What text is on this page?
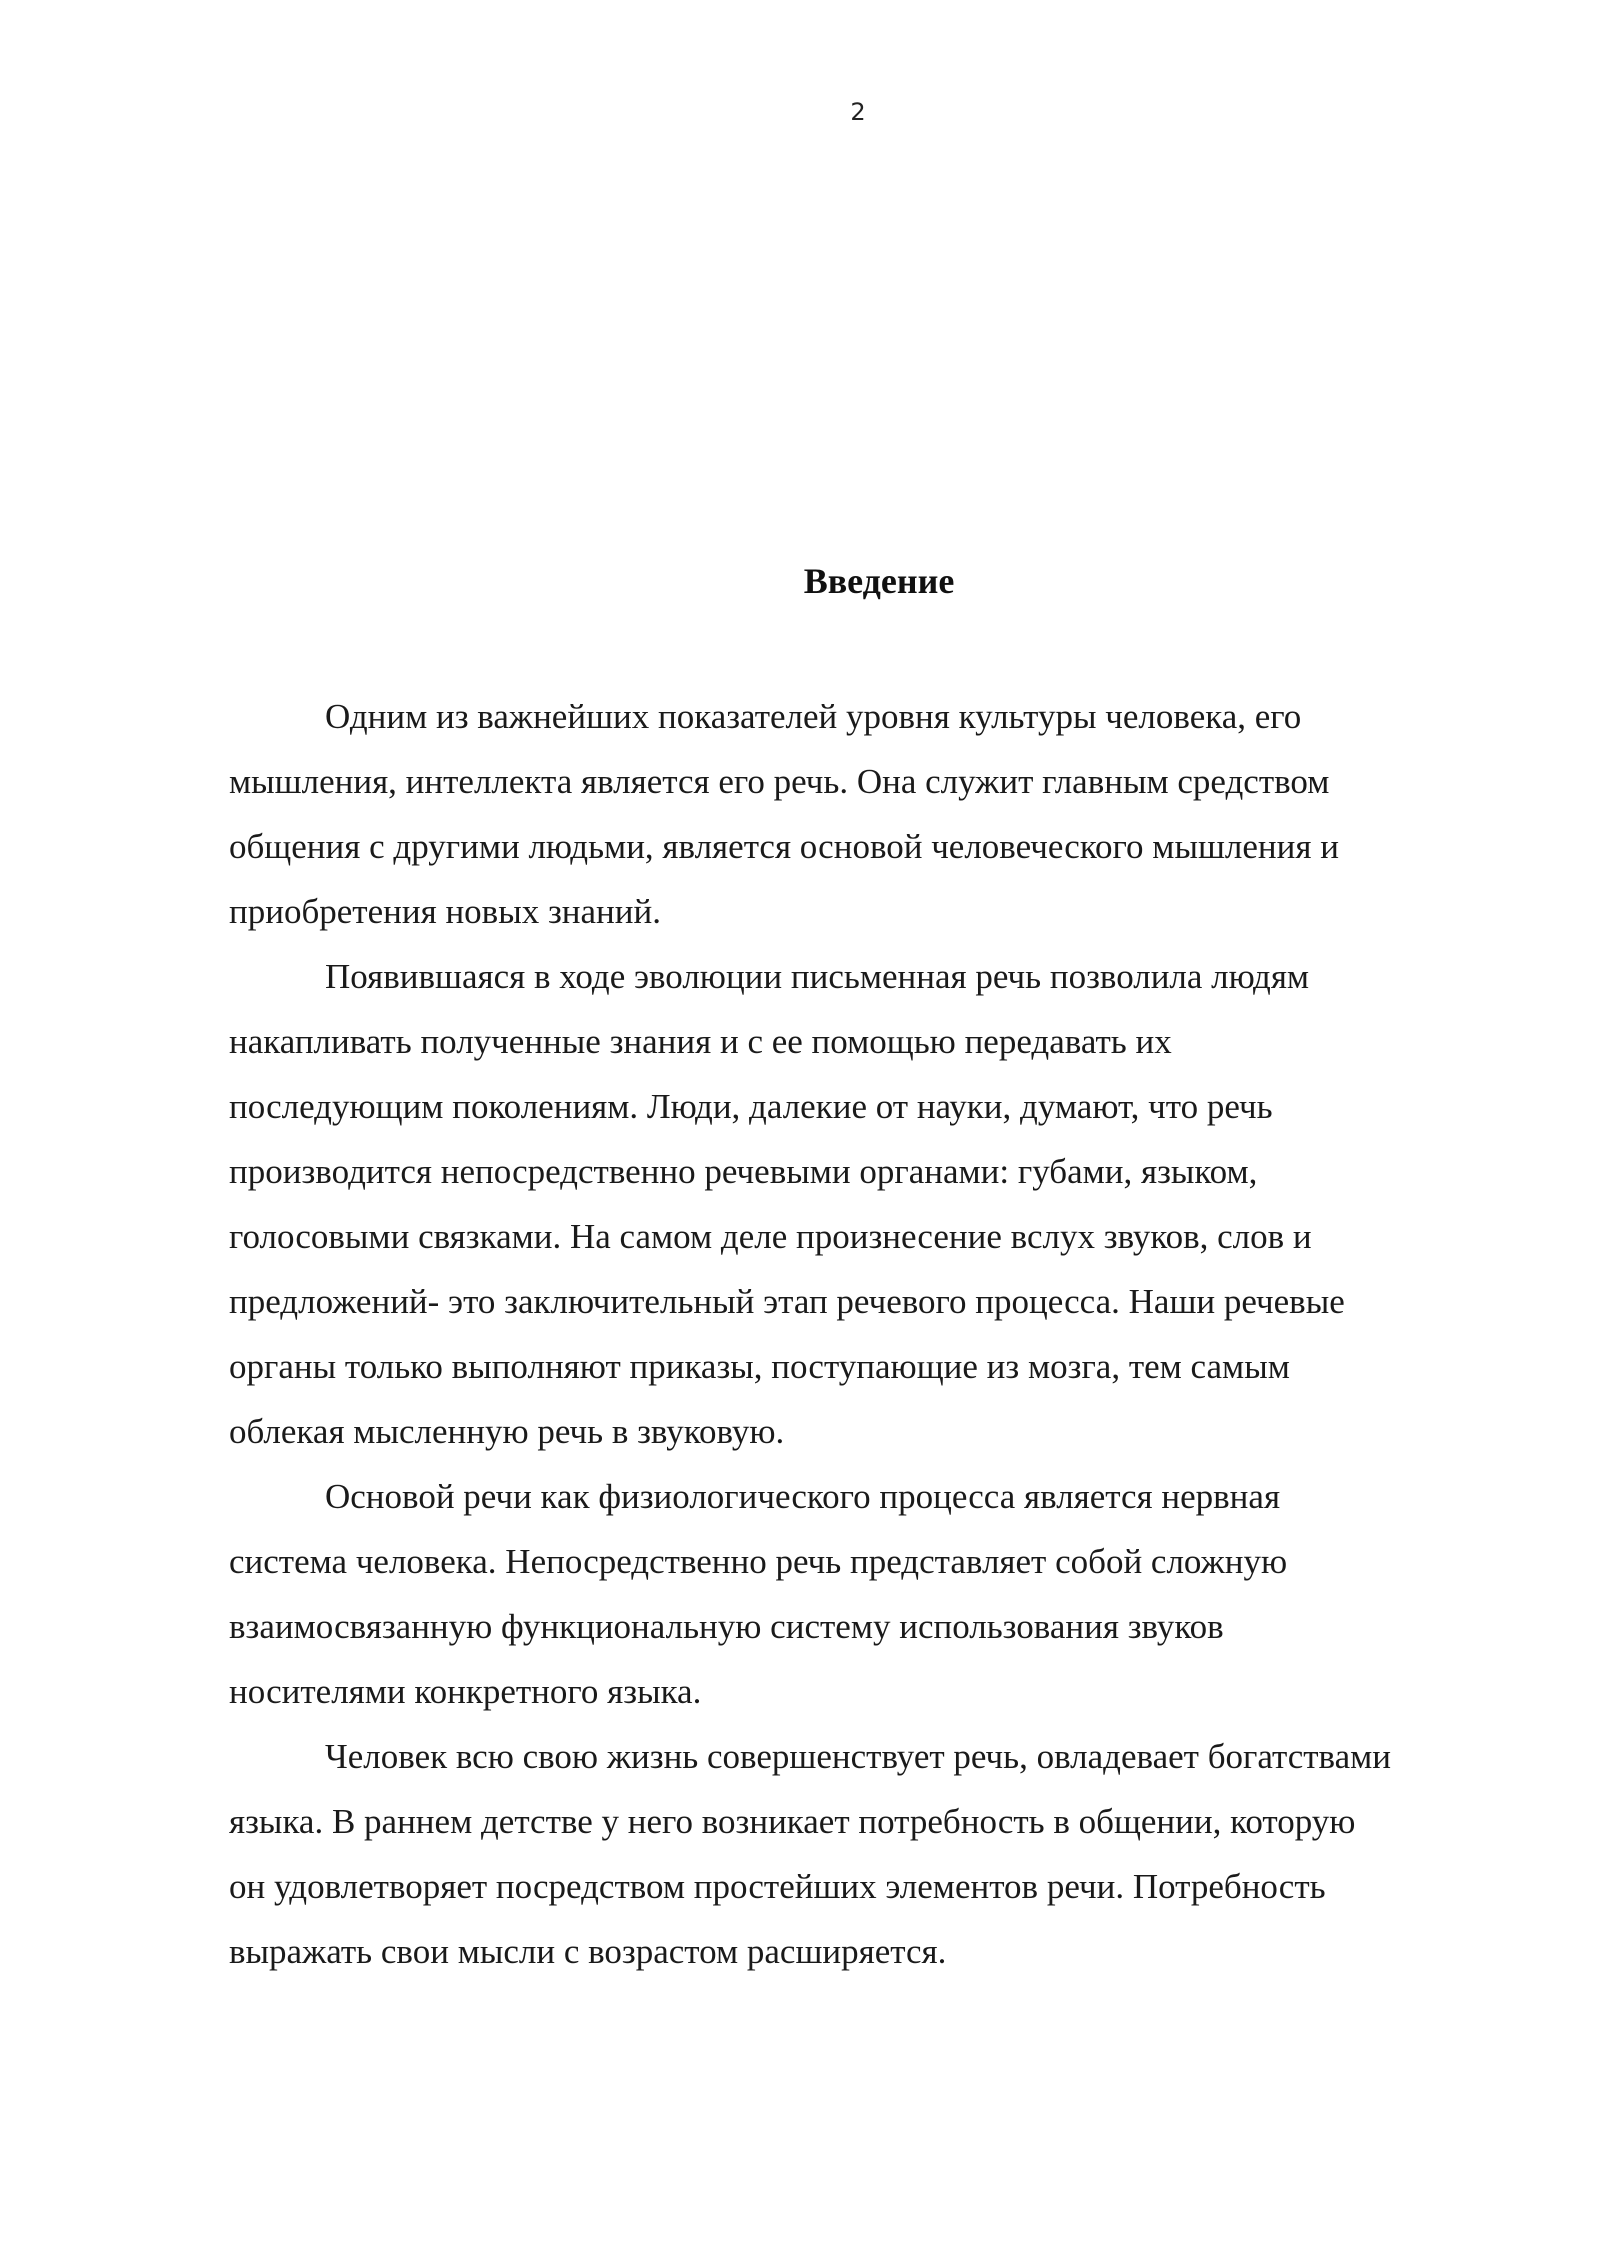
2
Введение
Одним из важнейших показателей уровня культуры человека, его
мышления, интеллекта является его речь. Она служит главным средством
общения с другими людьми, является основой человеческого мышления и
приобретения новых знаний.
Появившаяся в ходе эволюции письменная речь позволила людям
накапливать полученные знания и с ее помощью передавать их
последующим поколениям. Люди, далекие от науки, думают, что речь
производится непосредственно речевыми органами: губами, языком,
голосовыми связками. На самом деле произнесение вслух звуков, слов и
предложений- это заключительный этап речевого процесса. Наши речевые
органы только выполняют приказы, поступающие из мозга, тем самым
облекая мысленную речь в звуковую.
Основой речи как физиологического процесса является нервная
система человека. Непосредственно речь представляет собой сложную
взаимосвязанную функциональную систему использования звуков
носителями конкретного языка.
Человек всю свою жизнь совершенствует речь, овладевает богатствами
языка. В раннем детстве у него возникает потребность в общении, которую
он удовлетворяет посредством простейших элементов речи. Потребность
выражать свои мысли с возрастом расширяется.
